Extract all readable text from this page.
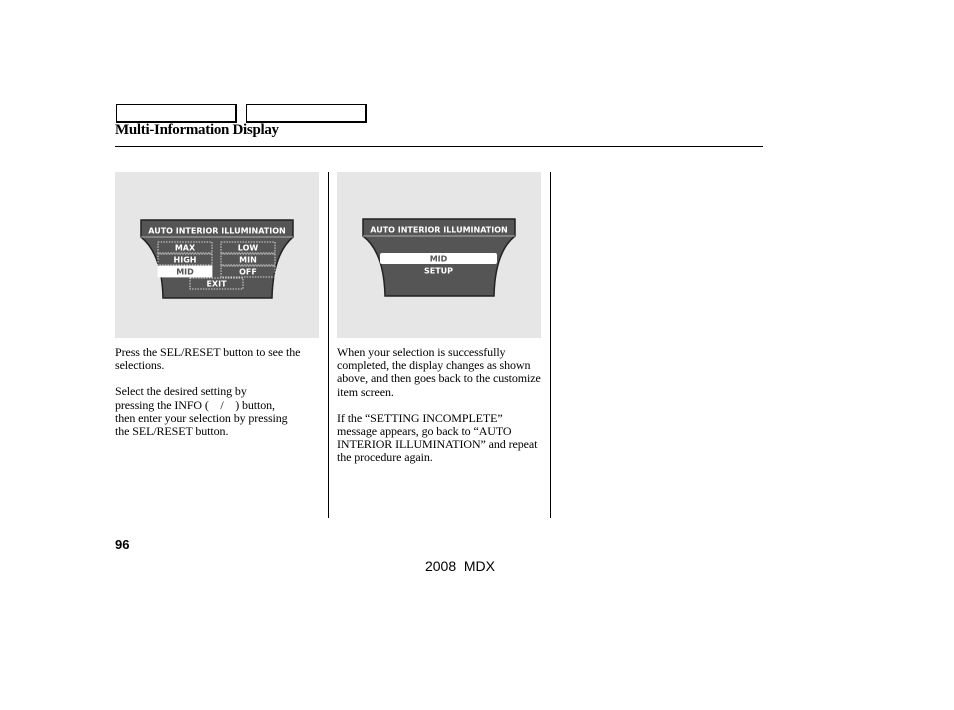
Multi-Information Display
AUTO INTERIOR ILLUMINATION
MAX	LOW
HIGH	MIN
MID	OFF
EXIT
AUTO INTERIOR ILLUMINATION
MID
SETUP

Press the SEL/RESET button to see the selections.

Select the desired setting by
pressing the INFO (    /    ) button,
then enter your selection by pressing
the SEL/RESET button.

When your selection is successfully completed, the display changes as shown above, and then goes back to the customize item screen.

If the “SETTING INCOMPLETE” message appears, go back to “AUTO INTERIOR ILLUMINATION” and repeat the procedure again.

96
2008  MDX
